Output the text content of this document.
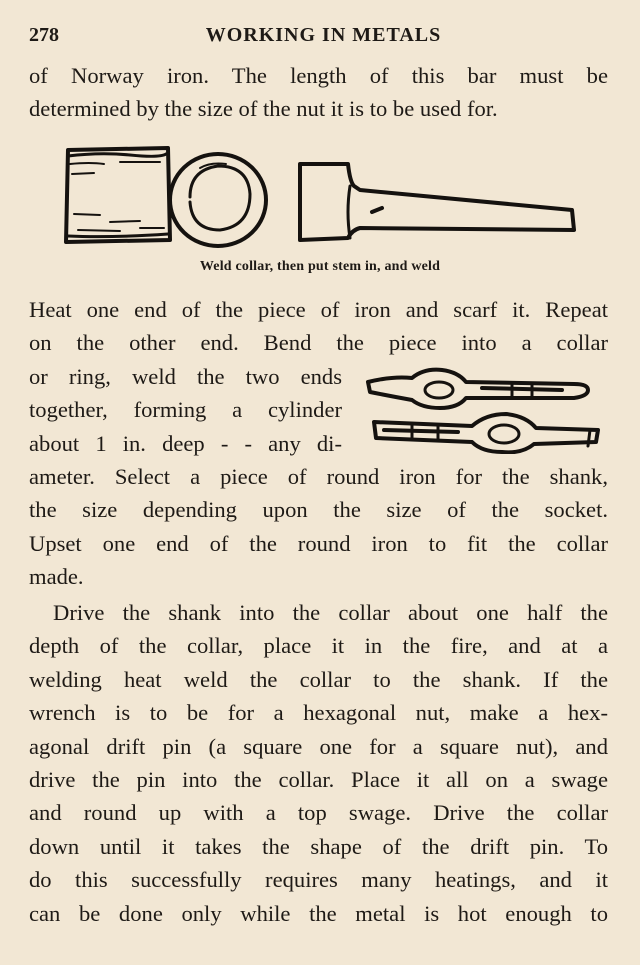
278	WORKING IN METALS

of Norway iron. The length of this bar must be
determined by the size of the nut it is to be used for.

Weld collar, then put stem in, and weld

Heat one end of the piece of iron and scarf it. Repeat
on the other end. Bend the piece into a collar
or ring, weld the two ends
together, forming a cylinder
about 1 in. deep - - any di-
ameter. Select a piece of round iron for the shank,
the size depending upon the size of the socket.
Upset one end of the round iron to fit the collar
made.

Drive the shank into the collar about one half the
depth of the collar, place it in the fire, and at a
welding heat weld the collar to the shank. If the
wrench is to be for a hexagonal nut, make a hex-
agonal drift pin (a square one for a square nut), and
drive the pin into the collar. Place it all on a swage
and round up with a top swage. Drive the collar
down until it takes the shape of the drift pin. To
do this successfully requires many heatings, and it
can be done only while the metal is hot enough to
